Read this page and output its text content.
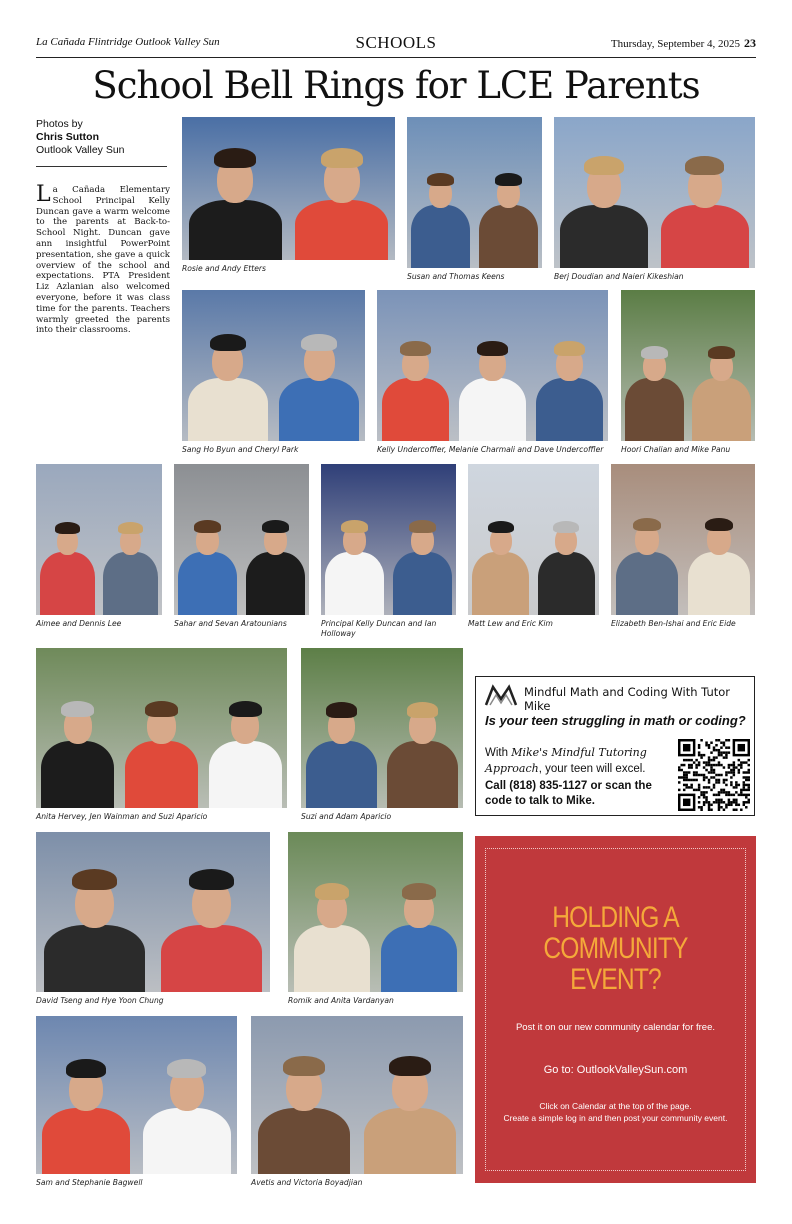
La Cañada Flintridge Outlook Valley Sun	SCHOOLS	Thursday, September 4, 2025 23
School Bell Rings for LCE Parents
Photos by
Chris Sutton
Outlook Valley Sun
La Cañada Elementary School Principal Kelly Duncan gave a warm welcome to the parents at Back-to-School Night. Duncan gave ann insightful PowerPoint presentation, she gave a quick overview of the school and expectations. PTA President Liz Azlanian also welcomed everyone, before it was class time for the parents. Teachers warmly greeted the parents into their classrooms.
Rosie and Andy Etters
Susan and Thomas Keens	Berj Doudian and Naieri Kikeshian
Sang Ho Byun and Cheryl Park	Kelly Undercoffler, Melanie Charmali and Dave Undercoffler	Hoori Chalian and Mike Panu
Aimee and Dennis Lee	Sahar and Sevan Aratounians	Principal Kelly Duncan and Ian Holloway
Matt Lew and Eric Kim	Elizabeth Ben-Ishai and Eric Eide
Anita Hervey, Jen Wainman and Suzi Aparicio	Suzi and Adam Aparicio
David Tseng and Hye Yoon Chung	Romik and Anita Vardanyan
Sam and Stephanie Bagwell	Avetis and Victoria Boyadjian
Mindful Math and Coding With Tutor Mike
Is your teen struggling in math or coding?
With Mike's Mindful Tutoring Approach, your teen will excel.
Call (818) 835-1127 or scan the code to talk to Mike.
HOLDING A
COMMUNITY
EVENT?
Post it on our new community calendar for free.
Go to: OutlookValleySun.com
Click on Calendar at the top of the page.
Create a simple log in and then post your community event.
